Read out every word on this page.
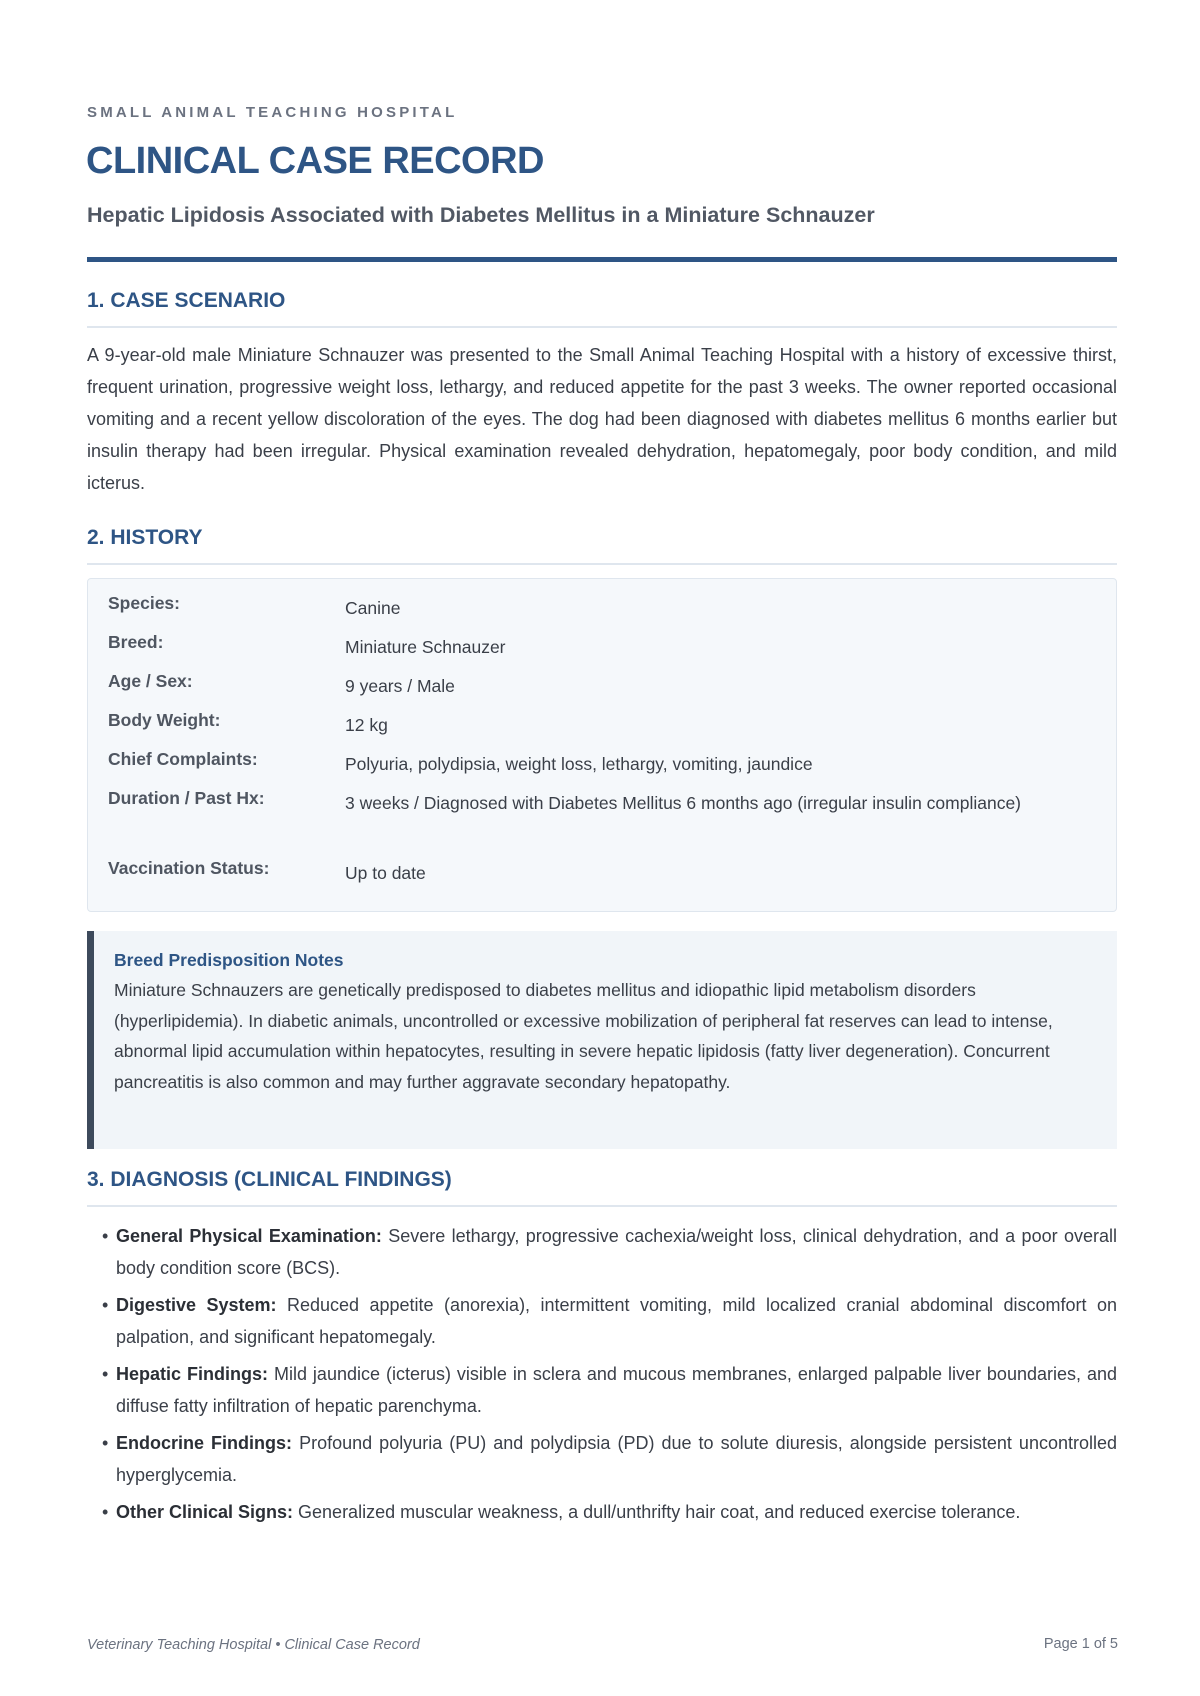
SMALL ANIMAL TEACHING HOSPITAL

CLINICAL CASE RECORD
Hepatic Lipidosis Associated with Diabetes Mellitus in a Miniature Schnauzer
1. CASE SCENARIO

A 9-year-old male Miniature Schnauzer was presented to the Small Animal Teaching Hospital with a history of excessive thirst, frequent urination, progressive weight loss, lethargy, and reduced appetite for the past 3 weeks. The owner reported occasional vomiting and a recent yellow discoloration of the eyes. The dog had been diagnosed with diabetes mellitus 6 months earlier but insulin therapy had been irregular. Physical examination revealed dehydration, hepatomegaly, poor body condition, and mild icterus.

2. HISTORY
Species:	Canine
Breed:	Miniature Schnauzer
Age / Sex:	9 years / Male
Body Weight:	12 kg
Chief Complaints:	Polyuria, polydipsia, weight loss, lethargy, vomiting, jaundice
Duration / Past Hx:	3 weeks / Diagnosed with Diabetes Mellitus 6 months ago (irregular insulin compliance)
Vaccination Status:	Up to date

Breed Predisposition Notes

Miniature Schnauzers are genetically predisposed to diabetes mellitus and idiopathic lipid metabolism disorders (hyperlipidemia). In diabetic animals, uncontrolled or excessive mobilization of peripheral fat reserves can lead to intense, abnormal lipid accumulation within hepatocytes, resulting in severe hepatic lipidosis (fatty liver degeneration). Concurrent pancreatitis is also common and may further aggravate secondary hepatopathy.

3. DIAGNOSIS (CLINICAL FINDINGS)
• General Physical Examination: Severe lethargy, progressive cachexia/weight loss, clinical dehydration, and a poor overall body condition score (BCS).
• Digestive System: Reduced appetite (anorexia), intermittent vomiting, mild localized cranial abdominal discomfort on palpation, and significant hepatomegaly.
• Hepatic Findings: Mild jaundice (icterus) visible in sclera and mucous membranes, enlarged palpable liver boundaries, and diffuse fatty infiltration of hepatic parenchyma.
• Endocrine Findings: Profound polyuria (PU) and polydipsia (PD) due to solute diuresis, alongside persistent uncontrolled hyperglycemia.
• Other Clinical Signs: Generalized muscular weakness, a dull/unthrifty hair coat, and reduced exercise tolerance.

Veterinary Teaching Hospital • Clinical Case Record	Page 1 of 5
